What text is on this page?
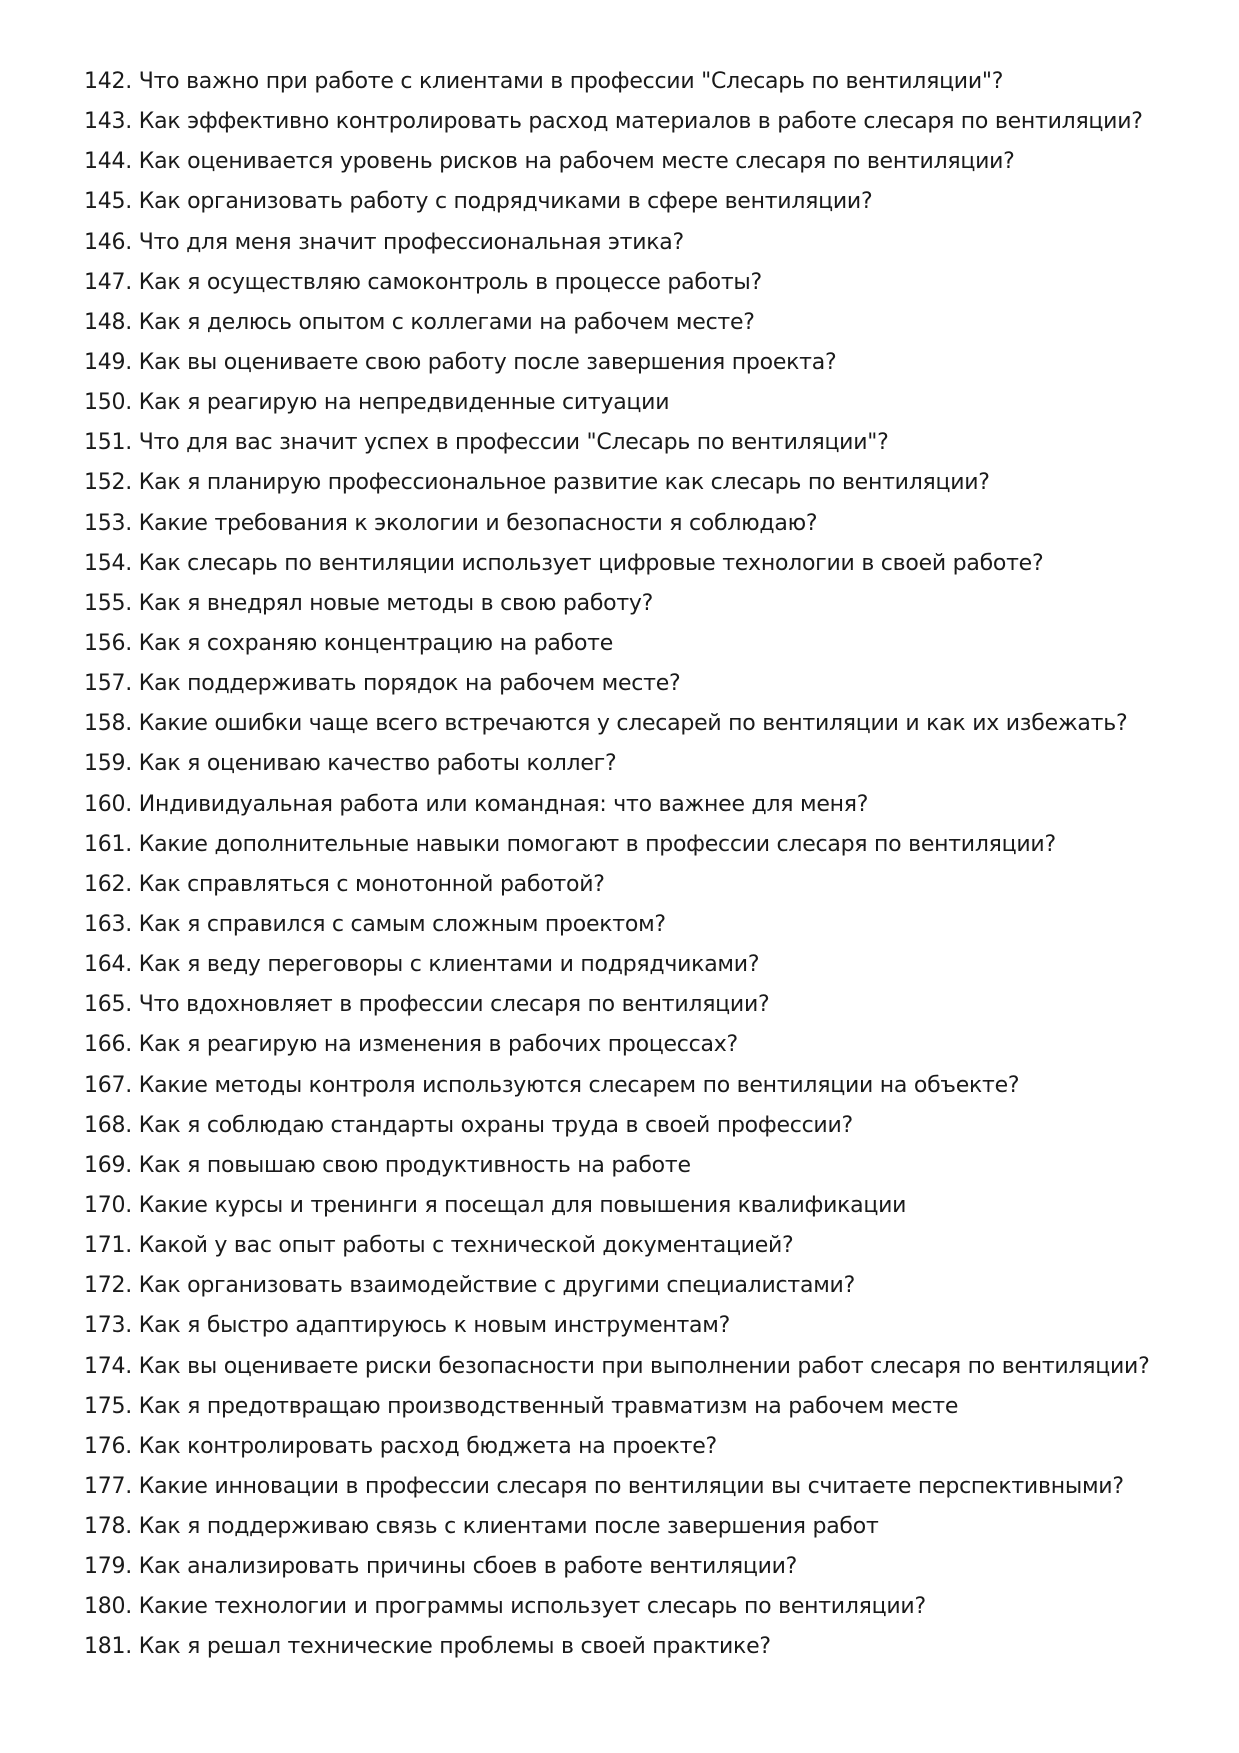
142. Что важно при работе с клиентами в профессии "Слесарь по вентиляции"?
143. Как эффективно контролировать расход материалов в работе слесаря по вентиляции?
144. Как оценивается уровень рисков на рабочем месте слесаря по вентиляции?
145. Как организовать работу с подрядчиками в сфере вентиляции?
146. Что для меня значит профессиональная этика?
147. Как я осуществляю самоконтроль в процессе работы?
148. Как я делюсь опытом с коллегами на рабочем месте?
149. Как вы оцениваете свою работу после завершения проекта?
150. Как я реагирую на непредвиденные ситуации
151. Что для вас значит успех в профессии "Слесарь по вентиляции"?
152. Как я планирую профессиональное развитие как слесарь по вентиляции?
153. Какие требования к экологии и безопасности я соблюдаю?
154. Как слесарь по вентиляции использует цифровые технологии в своей работе?
155. Как я внедрял новые методы в свою работу?
156. Как я сохраняю концентрацию на работе
157. Как поддерживать порядок на рабочем месте?
158. Какие ошибки чаще всего встречаются у слесарей по вентиляции и как их избежать?
159. Как я оцениваю качество работы коллег?
160. Индивидуальная работа или командная: что важнее для меня?
161. Какие дополнительные навыки помогают в профессии слесаря по вентиляции?
162. Как справляться с монотонной работой?
163. Как я справился с самым сложным проектом?
164. Как я веду переговоры с клиентами и подрядчиками?
165. Что вдохновляет в профессии слесаря по вентиляции?
166. Как я реагирую на изменения в рабочих процессах?
167. Какие методы контроля используются слесарем по вентиляции на объекте?
168. Как я соблюдаю стандарты охраны труда в своей профессии?
169. Как я повышаю свою продуктивность на работе
170. Какие курсы и тренинги я посещал для повышения квалификации
171. Какой у вас опыт работы с технической документацией?
172. Как организовать взаимодействие с другими специалистами?
173. Как я быстро адаптируюсь к новым инструментам?
174. Как вы оцениваете риски безопасности при выполнении работ слесаря по вентиляции?
175. Как я предотвращаю производственный травматизм на рабочем месте
176. Как контролировать расход бюджета на проекте?
177. Какие инновации в профессии слесаря по вентиляции вы считаете перспективными?
178. Как я поддерживаю связь с клиентами после завершения работ
179. Как анализировать причины сбоев в работе вентиляции?
180. Какие технологии и программы использует слесарь по вентиляции?
181. Как я решал технические проблемы в своей практике?
